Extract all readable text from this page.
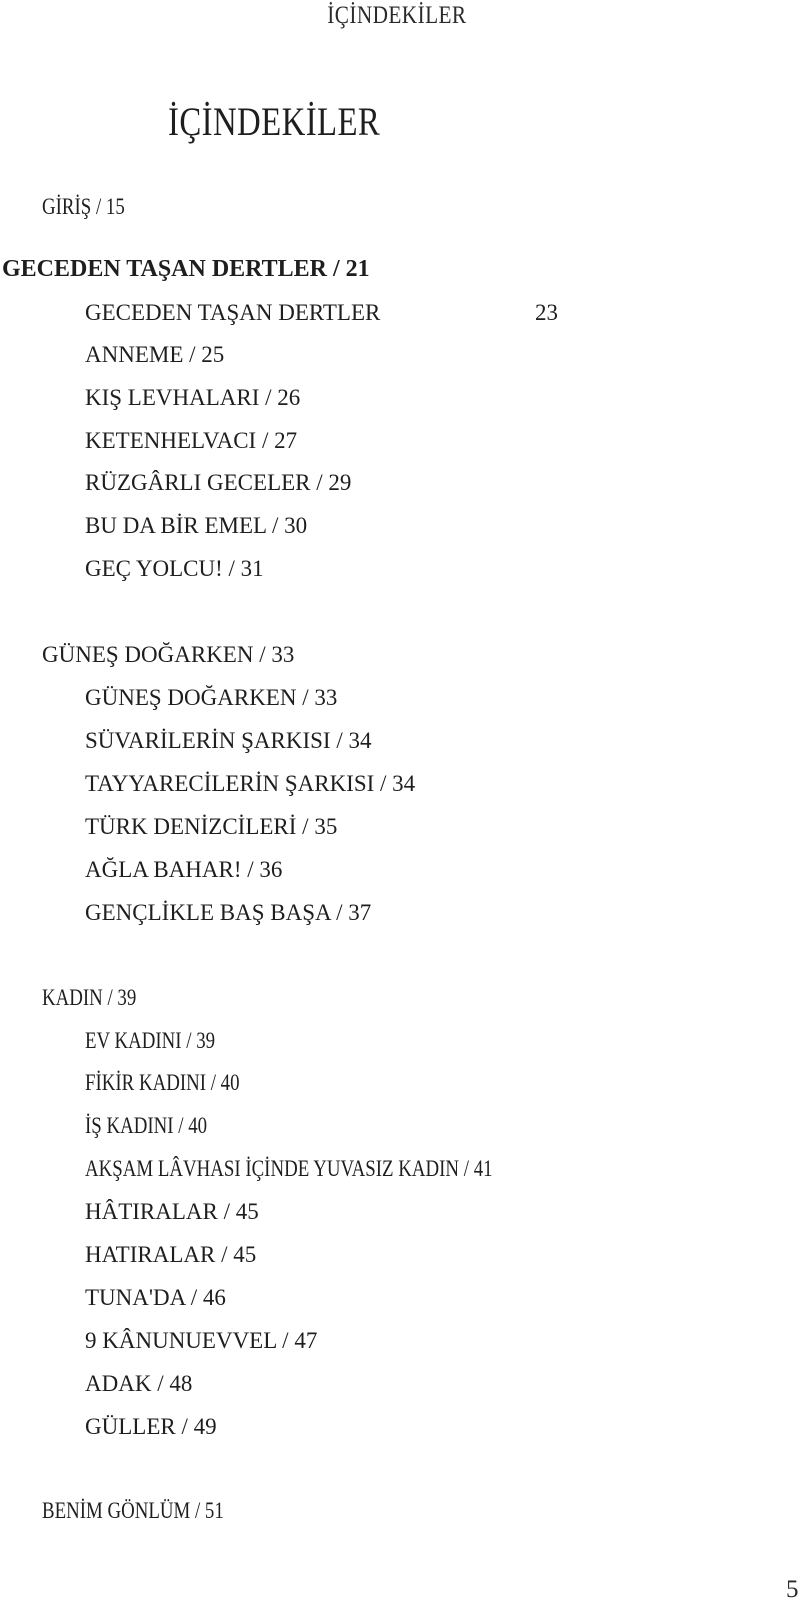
İÇİNDEKİLER
İÇİNDEKİLER
GİRİŞ / 15
GECEDEN TAŞAN DERTLER / 21
GECEDEN TAŞAN DERTLER	23
ANNEME / 25
KIŞ LEVHALARI / 26
KETENHELVACI / 27
RÜZGÂRLI GECELER / 29
BU DA BİR EMEL / 30
GEÇ YOLCU! / 31
GÜNEŞ DOĞARKEN / 33
GÜNEŞ DOĞARKEN / 33
SÜVARİLERİN ŞARKISI / 34
TAYYARECİLERİN ŞARKISI / 34
TÜRK DENİZCİLERİ / 35
AĞLA BAHAR! / 36
GENÇLİKLE BAŞ BAŞA / 37
KADIN / 39
EV KADINI / 39
FİKİR KADINI / 40
İŞ KADINI / 40
AKŞAM LÂVHASI İÇİNDE YUVASIZ KADIN / 41
HÂTIRALAR / 45
HATIRALAR / 45
TUNA'DA / 46
9 KÂNUNUEVVEL / 47
ADAK / 48
GÜLLER / 49
BENİM GÖNLÜM / 51
5
